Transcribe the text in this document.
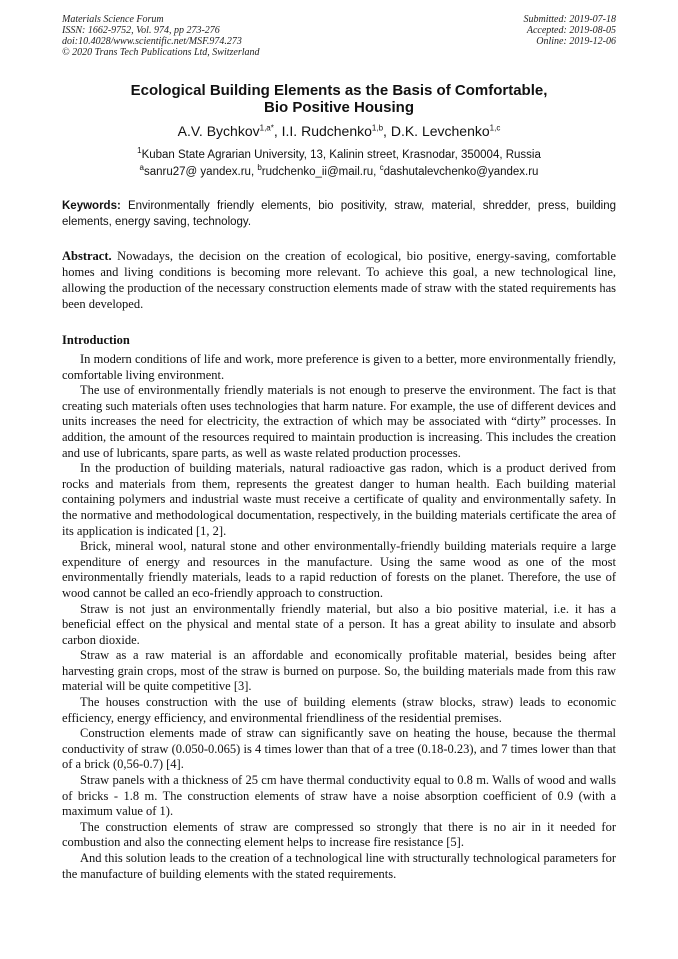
Materials Science Forum
ISSN: 1662-9752, Vol. 974, pp 273-276
doi:10.4028/www.scientific.net/MSF.974.273
© 2020 Trans Tech Publications Ltd, Switzerland
Submitted: 2019-07-18
Accepted: 2019-08-05
Online: 2019-12-06
Ecological Building Elements as the Basis of Comfortable,
Bio Positive Housing
A.V. Bychkov$^{1,a*}$, I.I. Rudchenko$^{1,b}$, D.K. Levchenko$^{1,c}$
$^1$Kuban State Agrarian University, 13, Kalinin street, Krasnodar, 350004, Russia
$^a$sanru27@ yandex.ru, $^b$rudchenko_ii@mail.ru, $^c$dashutalevchenko@yandex.ru
Keywords: Environmentally friendly elements, bio positivity, straw, material, shredder, press, building elements, energy saving, technology.
Abstract. Nowadays, the decision on the creation of ecological, bio positive, energy-saving, comfortable homes and living conditions is becoming more relevant. To achieve this goal, a new technological line, allowing the production of the necessary construction elements made of straw with the stated requirements has been developed.
Introduction

In modern conditions of life and work, more preference is given to a better, more environmentally friendly, comfortable living environment.

The use of environmentally friendly materials is not enough to preserve the environment. The fact is that creating such materials often uses technologies that harm nature. For example, the use of different devices and units increases the need for electricity, the extraction of which may be associated with “dirty” processes. In addition, the amount of the resources required to maintain production is increasing. This includes the creation and use of lubricants, spare parts, as well as waste related production processes.

In the production of building materials, natural radioactive gas radon, which is a product derived from rocks and materials from them, represents the greatest danger to human health. Each building material containing polymers and industrial waste must receive a certificate of quality and environmentally safety. In the normative and methodological documentation, respectively, in the building materials certificate the area of its application is indicated [1, 2].

Brick, mineral wool, natural stone and other environmentally-friendly building materials require a large expenditure of energy and resources in the manufacture. Using the same wood as one of the most environmentally friendly materials, leads to a rapid reduction of forests on the planet. Therefore, the use of wood cannot be called an eco-friendly approach to construction.

Straw is not just an environmentally friendly material, but also a bio positive material, i.e. it has a beneficial effect on the physical and mental state of a person. It has a great ability to insulate and absorb carbon dioxide.

Straw as a raw material is an affordable and economically profitable material, besides being after harvesting grain crops, most of the straw is burned on purpose. So, the building materials made from this raw material will be quite competitive [3].

The houses construction with the use of building elements (straw blocks, straw) leads to economic efficiency, energy efficiency, and environmental friendliness of the residential premises.

Construction elements made of straw can significantly save on heating the house, because the thermal conductivity of straw (0.050-0.065) is 4 times lower than that of a tree (0.18-0.23), and 7 times lower than that of a brick (0,56-0.7) [4].

Straw panels with a thickness of 25 cm have thermal conductivity equal to 0.8 m. Walls of wood and walls of bricks - 1.8 m. The construction elements of straw have a noise absorption coefficient of 0.9 (with a maximum value of 1).

The construction elements of straw are compressed so strongly that there is no air in it needed for combustion and also the connecting element helps to increase fire resistance [5].

And this solution leads to the creation of a technological line with structurally technological parameters for the manufacture of building elements with the stated requirements.
